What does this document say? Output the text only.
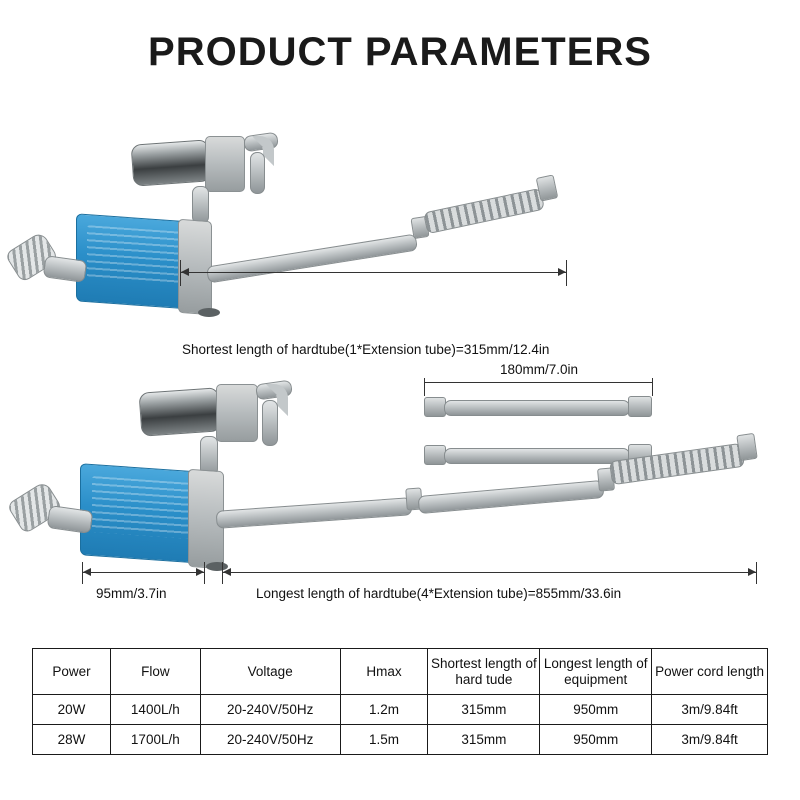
PRODUCT PARAMETERS
Shortest length of hardtube(1*Extension tube)=315mm/12.4in
180mm/7.0in
95mm/3.7in	Longest length of hardtube(4*Extension tube)=855mm/33.6in
Power	Flow	Voltage	Hmax	Shortest length of hard tude	Longest length of equipment	Power cord length
20W	1400L/h	20-240V/50Hz	1.2m	315mm	950mm	3m/9.84ft
28W	1700L/h	20-240V/50Hz	1.5m	315mm	950mm	3m/9.84ft
